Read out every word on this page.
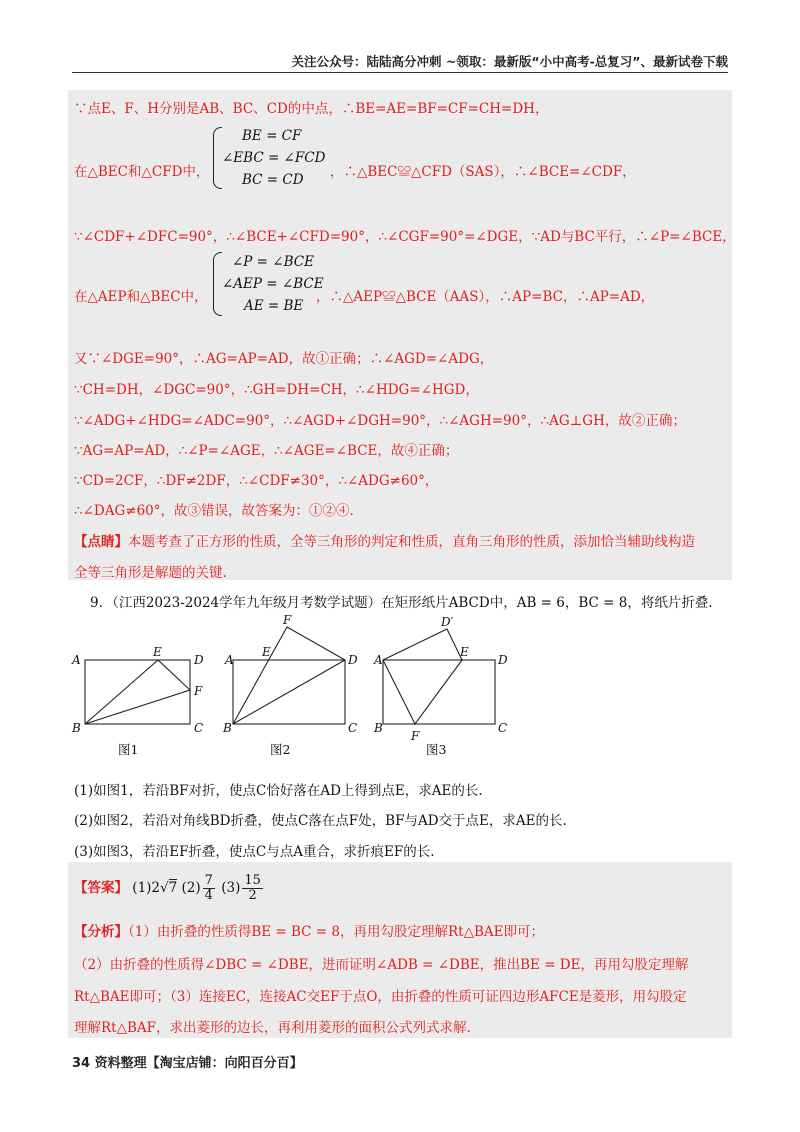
关注公众号：陆陆高分冲刺 ~领取：最新版“小中高考-总复习”、最新试卷下载
∵点E、F、H分别是AB、BC、CD的中点，∴BE=AE=BF=CF=CH=DH，
在△BEC和△CFD中，
BE = CF
∠EBC = ∠FCD
BC = CD ，∴△BEC≌△CFD（SAS），∴∠BCE=∠CDF，
∵∠CDF+∠DFC=90°，∴∠BCE+∠CFD=90°，∴∠CGF=90°=∠DGE，∵AD与BC平行，∴∠P=∠BCE，
在△AEP和△BEC中，
∠P = ∠BCE
∠AEP = ∠BCE
AE = BE
，∴△AEP≌△BCE（AAS），∴AP=BC，∴AP=AD，
又∵∠DGE=90°，∴AG=AP=AD，故①正确；∴∠AGD=∠ADG，
∵CH=DH，∠DGC=90°，∴GH=DH=CH，∴∠HDG=∠HGD，
∵∠ADG+∠HDG=∠ADC=90°，∴∠AGD+∠DGH=90°，∴∠AGH=90°，∴AG⊥GH，故②正确；
∵AG=AP=AD，∴∠P=∠AGE，∴∠AGE=∠BCE，故④正确；
∵CD=2CF，∴DF≠2DF，∴∠CDF≠30°，∴∠ADG≠60°，
∴∠DAG≠60°，故③错误，故答案为：①②④.
【点睛】本题考查了正方形的性质，全等三角形的判定和性质，直角三角形的性质，添加恰当辅助线构造
全等三角形是解题的关键.
9．（江西2023-2024学年九年级月考数学试题）在矩形纸片ABCD中，AB = 6，BC = 8，将纸片折叠.
A
B	C
D
E
F
A
B	C
D
E
F
A
B	C
D
E
F
D′
图1	图2	图3
(1)如图1，若沿BF对折，使点C恰好落在AD上得到点E，求AE的长.
(2)如图2，若沿对角线BD折叠，使点C落在点F处，BF与AD交于点E，求AE的长.
(3)如图3，若沿EF折叠，使点C与点A重合，求折痕EF的长.
【答案】 (1)2√7 $(2) \frac{7}{4} (3) \frac{15}{2}$
【分析】（1）由折叠的性质得BE = BC = 8，再用勾股定理解Rt△BAE即可；
（2）由折叠的性质得∠DBC = ∠DBE，进而证明∠ADB = ∠DBE，推出BE = DE，再用勾股定理解
Rt△BAE即可；（3）连接EC，连接AC交EF于点O，由折叠的性质可证四边形AFCE是菱形，用勾股定
理解Rt△BAF，求出菱形的边长，再利用菱形的面积公式列式求解.
34 资料整理【淘宝店铺：向阳百分百】
